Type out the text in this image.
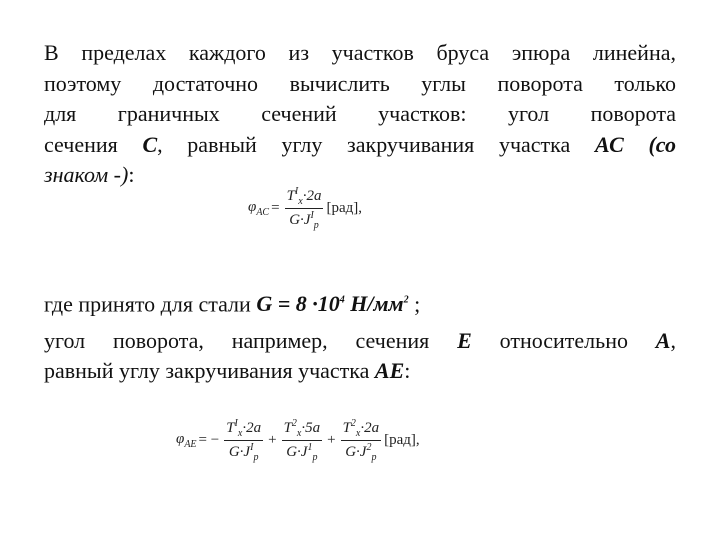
В пределах каждого из участков бруса эпюра линейна,
поэтому достаточно вычислить углы поворота только
для граничных сечений участков: угол поворота
сечения С, равный углу закручивания участка АС (со
знаком -):
$\varphi_{AC} = \frac{T^I_x\cdot 2a}{G\cdot J^I_p} [рад]$,
где принято для стали $G = 8 \cdot 10^4$ $Н/мм^2$ ;
угол поворота, например, сечения Е относительно А,
равный углу закручивания участка АЕ:
$\varphi_{AE}$ = − $\frac{T^I_x\cdot 2a}{G\cdot J^I_p} + \frac{T^2_x\cdot 5a}{G\cdot J^1_p} + \frac{T^2_x\cdot 2a}{G\cdot J^2_p} [рад]$,
